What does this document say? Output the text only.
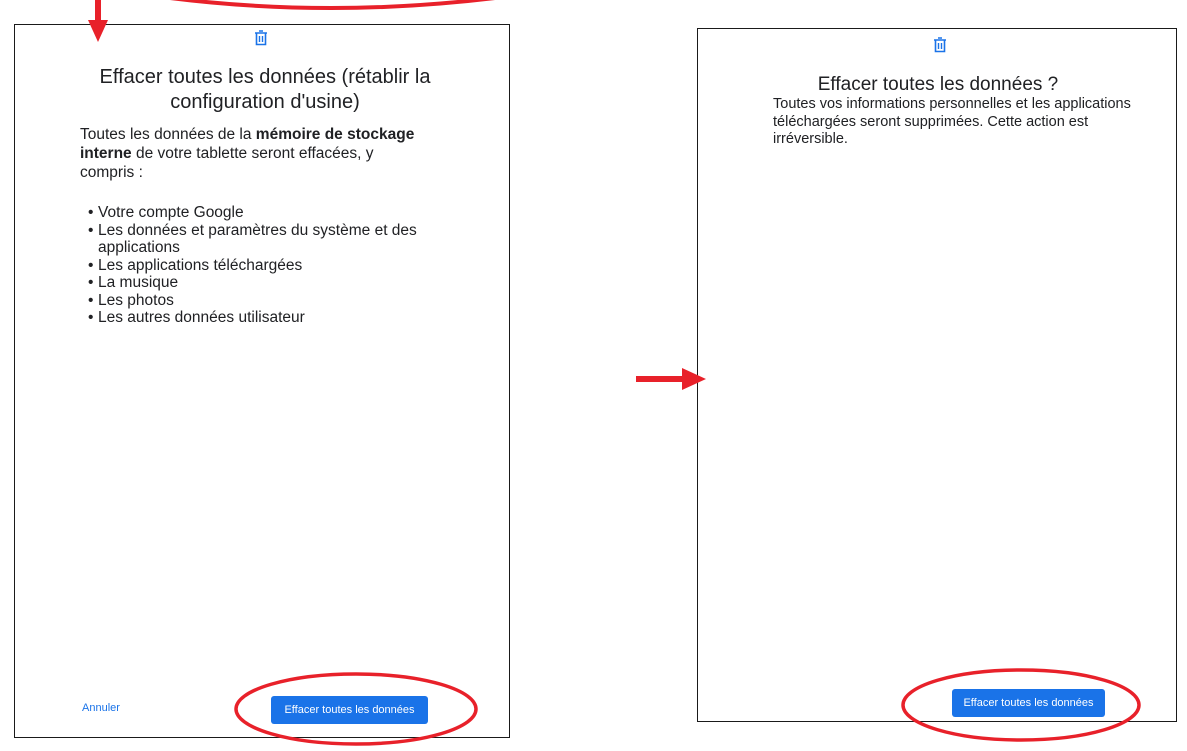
Effacer toutes les données (rétablir la configuration d'usine)
Toutes les données de la mémoire de stockage interne de votre tablette seront effacées, y compris :
• Votre compte Google
• Les données et paramètres du système et des applications
• Les applications téléchargées
• La musique
• Les photos
• Les autres données utilisateur
Annuler	Effacer toutes les données
Effacer toutes les données ?
Toutes vos informations personnelles et les applications téléchargées seront supprimées. Cette action est irréversible.
Effacer toutes les données
